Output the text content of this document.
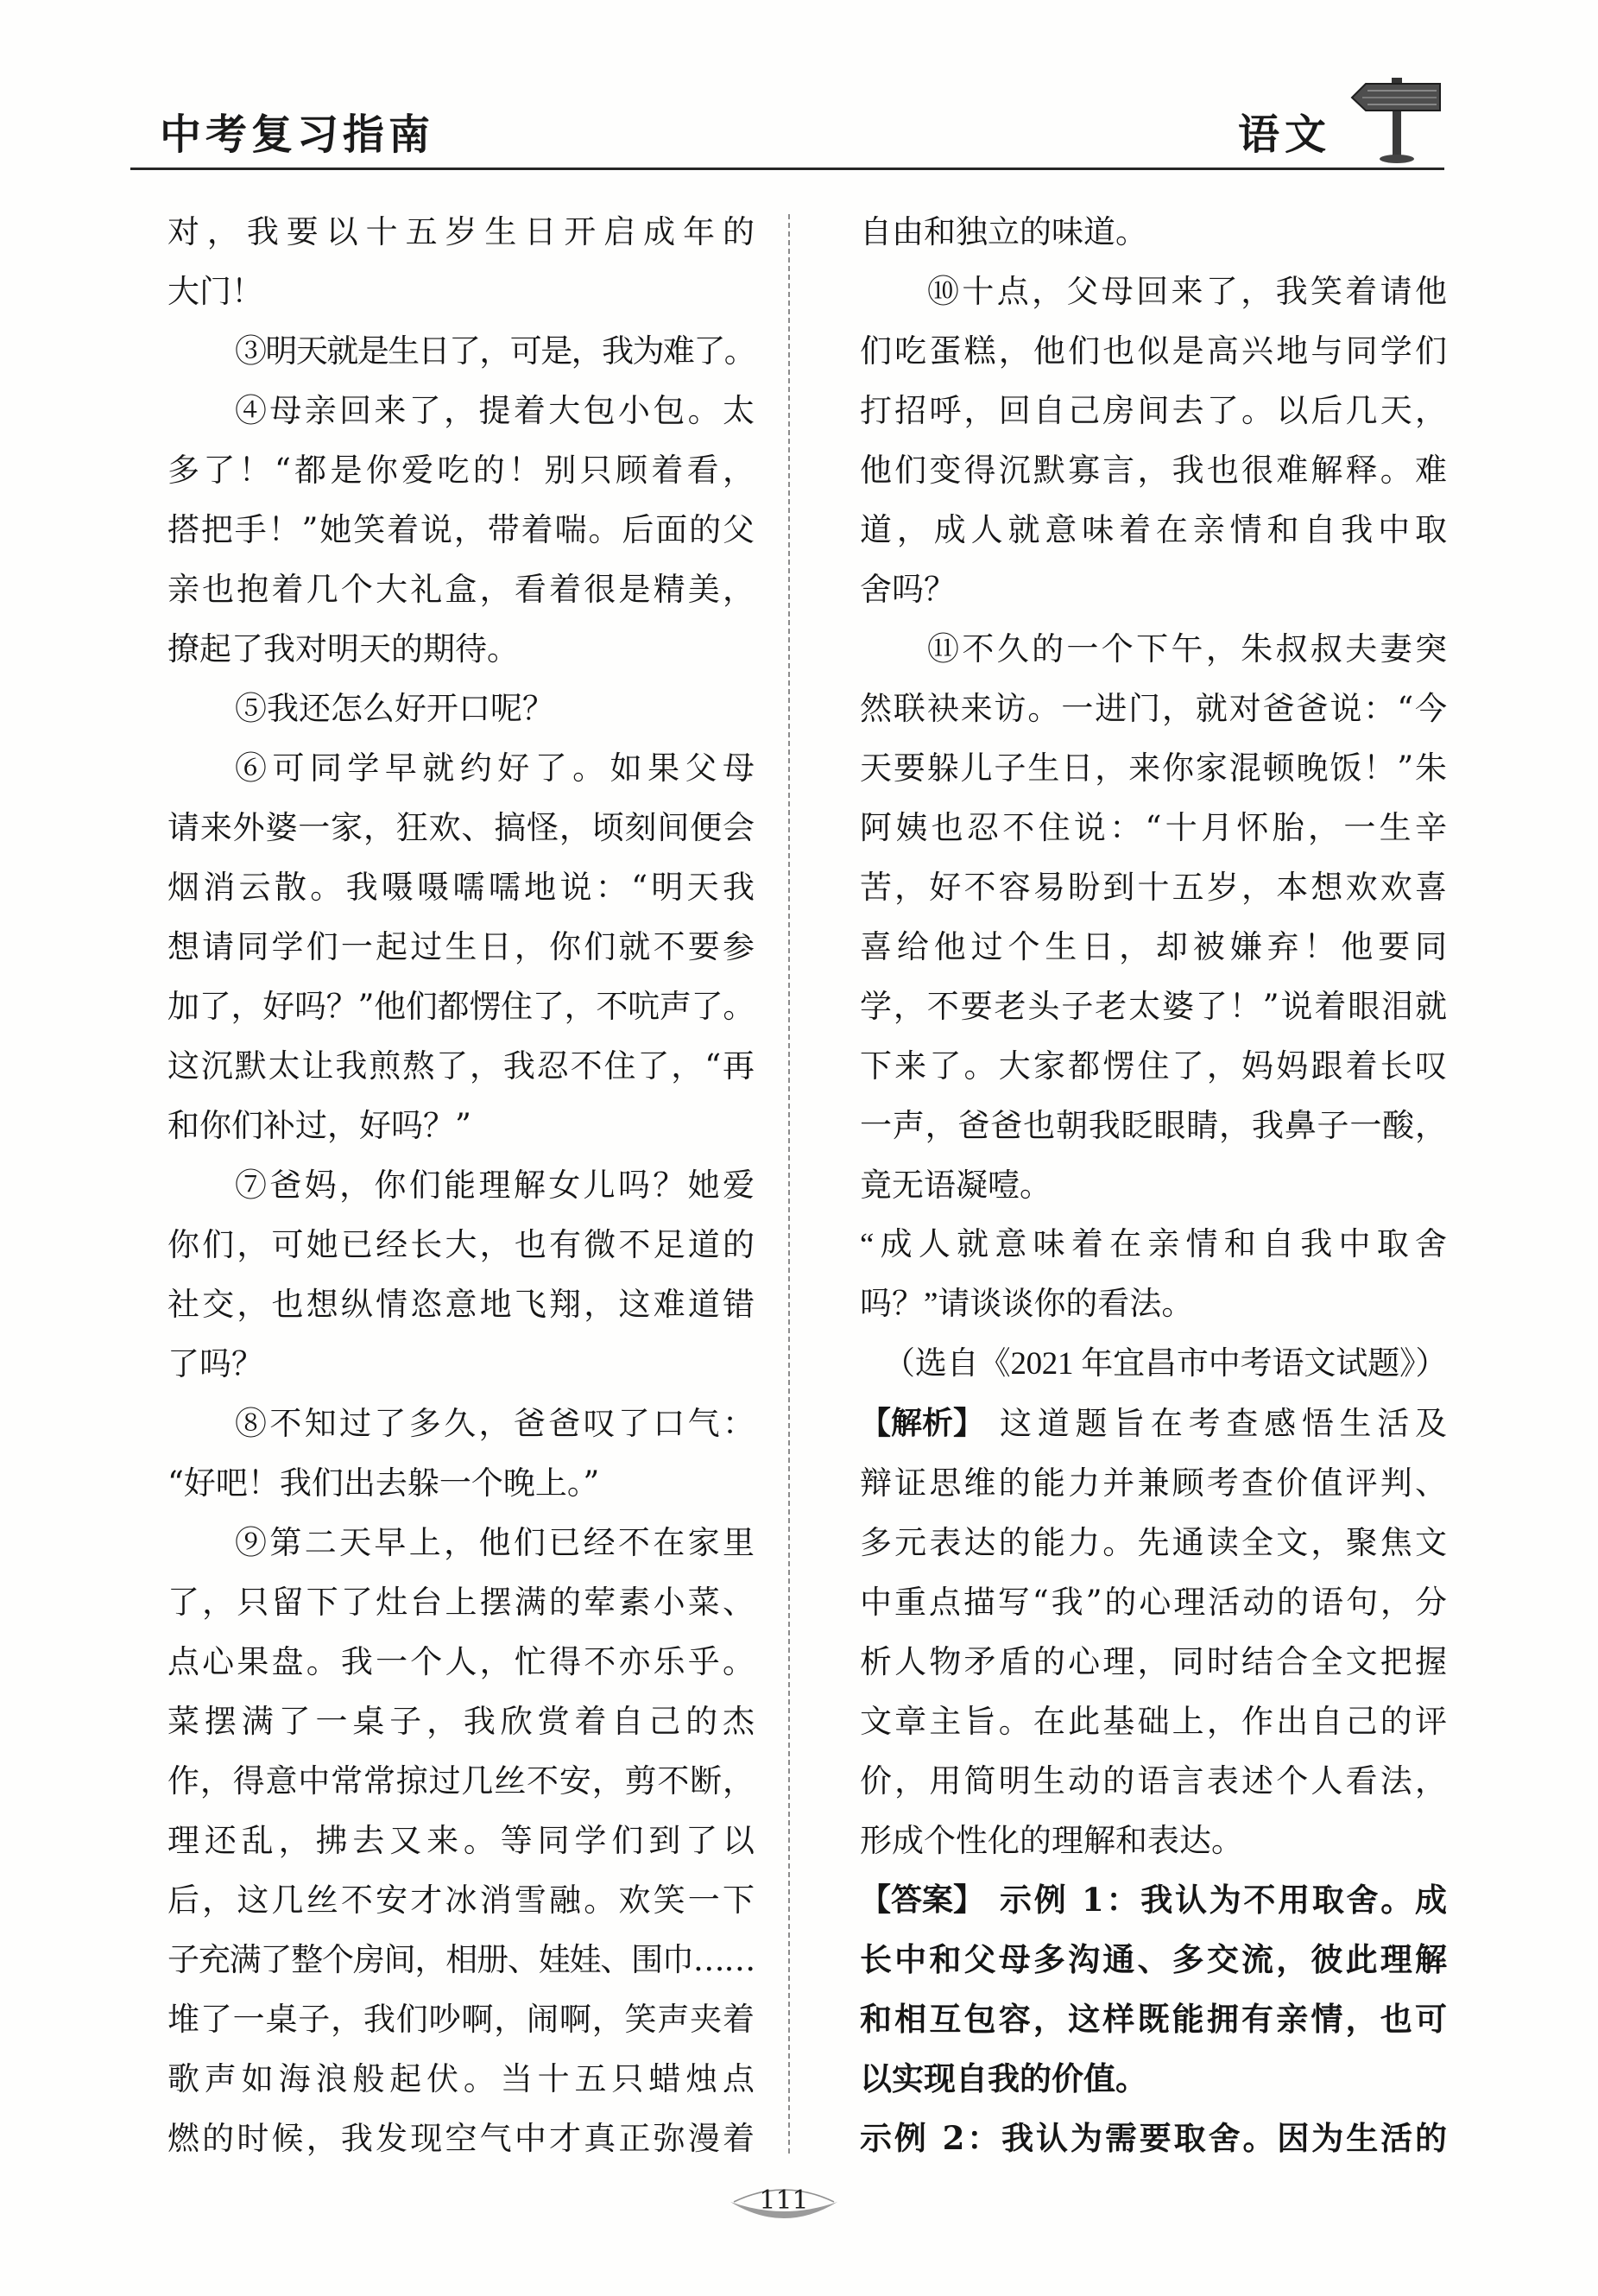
中考复习指南	语文
对，我要以十五岁生日开启成年的
大门！
③明天就是生日了，可是，我为难了。
④母亲回来了，提着大包小包。太
多了！“都是你爱吃的！别只顾着看，
搭把手！”她笑着说，带着喘。后面的父
亲也抱着几个大礼盒，看着很是精美，
撩起了我对明天的期待。
⑤我还怎么好开口呢？
⑥可同学早就约好了。如果父母
请来外婆一家，狂欢、搞怪，顷刻间便会
烟消云散。我嗫嗫嚅嚅地说：“明天我
想请同学们一起过生日，你们就不要参
加了，好吗？”他们都愣住了，不吭声了。
这沉默太让我煎熬了，我忍不住了，“再
和你们补过，好吗？”
⑦爸妈，你们能理解女儿吗？她爱
你们，可她已经长大，也有微不足道的
社交，也想纵情恣意地飞翔，这难道错
了吗？
⑧不知过了多久，爸爸叹了口气：
“好吧！我们出去躲一个晚上。”
⑨第二天早上，他们已经不在家里
了，只留下了灶台上摆满的荤素小菜、
点心果盘。我一个人，忙得不亦乐乎。
菜摆满了一桌子，我欣赏着自己的杰
作，得意中常常掠过几丝不安，剪不断，
理还乱，拂去又来。等同学们到了以
后，这几丝不安才冰消雪融。欢笑一下
子充满了整个房间，相册、娃娃、围巾……
堆了一桌子，我们吵啊，闹啊，笑声夹着
歌声如海浪般起伏。当十五只蜡烛点
燃的时候，我发现空气中才真正弥漫着
自由和独立的味道。
⑩十点，父母回来了，我笑着请他
们吃蛋糕，他们也似是高兴地与同学们
打招呼，回自己房间去了。以后几天，
他们变得沉默寡言，我也很难解释。难
道，成人就意味着在亲情和自我中取
舍吗？
⑪不久的一个下午，朱叔叔夫妻突
然联袂来访。一进门，就对爸爸说：“今
天要躲儿子生日，来你家混顿晚饭！”朱
阿姨也忍不住说：“十月怀胎，一生辛
苦，好不容易盼到十五岁，本想欢欢喜
喜给他过个生日，却被嫌弃！他要同
学，不要老头子老太婆了！”说着眼泪就
下来了。大家都愣住了，妈妈跟着长叹
一声，爸爸也朝我眨眼睛，我鼻子一酸，
竟无语凝噎。
“成人就意味着在亲情和自我中取舍
吗？”请谈谈你的看法。
（选自《2021 年宜昌市中考语文试题》）
【解析】 这道题旨在考查感悟生活及
辩证思维的能力并兼顾考查价值评判、
多元表达的能力。先通读全文，聚焦文
中重点描写“我”的心理活动的语句，分
析人物矛盾的心理，同时结合全文把握
文章主旨。在此基础上，作出自己的评
价，用简明生动的语言表述个人看法，
形成个性化的理解和表达。
【答案】 示例 1：我认为不用取舍。成
长中和父母多沟通、多交流，彼此理解
和相互包容，这样既能拥有亲情，也可
以实现自我的价值。
示例 2：我认为需要取舍。因为生活的
111
